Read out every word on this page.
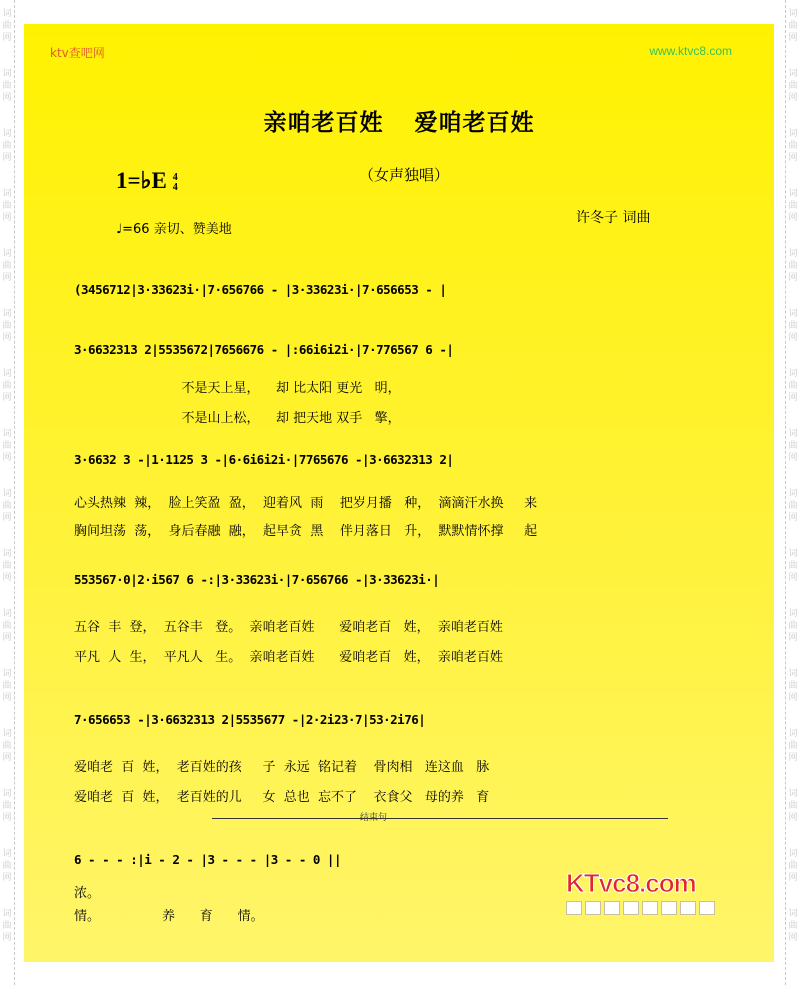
词
曲
网
词
曲
网
词
曲
网
词
曲
网
词
曲
网
词
曲
网
词
曲
网
词
曲
网
词
曲
网
词
曲
网
词
曲
网
词
曲
网
词
曲
网
词
曲
网
词
曲
网
词
曲
网
词
曲
网
词
曲
网
词
曲
网
词
曲
网
词
曲
网
词
曲
网
词
曲
网
词
曲
网
词
曲
网
词
曲
网
词
曲
网
词
曲
网
词
曲
网
词
曲
网
词
曲
网
词
曲
网
ktv查吧网	www.ktvc8.com
亲咱老百姓 爱咱老百姓
1=♭E 4
4
（女声独唱）
♩=66 亲切、赞美地
许冬子 词曲
(3456712|3·33623i·|7·656766 - |3·33623i·|7·656653 - |
3·6632313 2|5535672|7656676 - |:66i6i2i·|7·776567 6 -|
3·6632 3 -|1·1125 3 -|6·6i6i2i·|7765676 -|3·6632313 2|
553567·0|2·i567 6 -:|3·33623i·|7·656766 -|3·33623i·|
7·656653 -|3·6632313 2|5535677 -|2·2i23·7|53·2i76|
6 - - - :|i - 2 - |3 - - - |3 - - 0 ||
不是天上星，    却 比太阳 更光   明，
不是山上松，    却 把天地 双手   擎，
心头热辣  辣，  脸上笑盈  盈，  迎着风  雨    把岁月播   种，  滴滴汗水换     来
胸间坦荡  荡，  身后春融  融，  起早贪  黑    伴月落日   升，  默默情怀撑     起
五谷  丰  登，  五谷丰   登。  亲咱老百姓      爱咱老百   姓，  亲咱老百姓
平凡  人  生，  平凡人   生。  亲咱老百姓      爱咱老百   姓，  亲咱老百姓
爱咱老  百  姓，  老百姓的孩     子  永远  铭记着    骨肉相   连这血   脉
爱咱老  百  姓，  老百姓的儿     女  总也  忘不了    衣食父   母的养   育
浓。
情。               养      育      情。
结束句
KTvc8.com
